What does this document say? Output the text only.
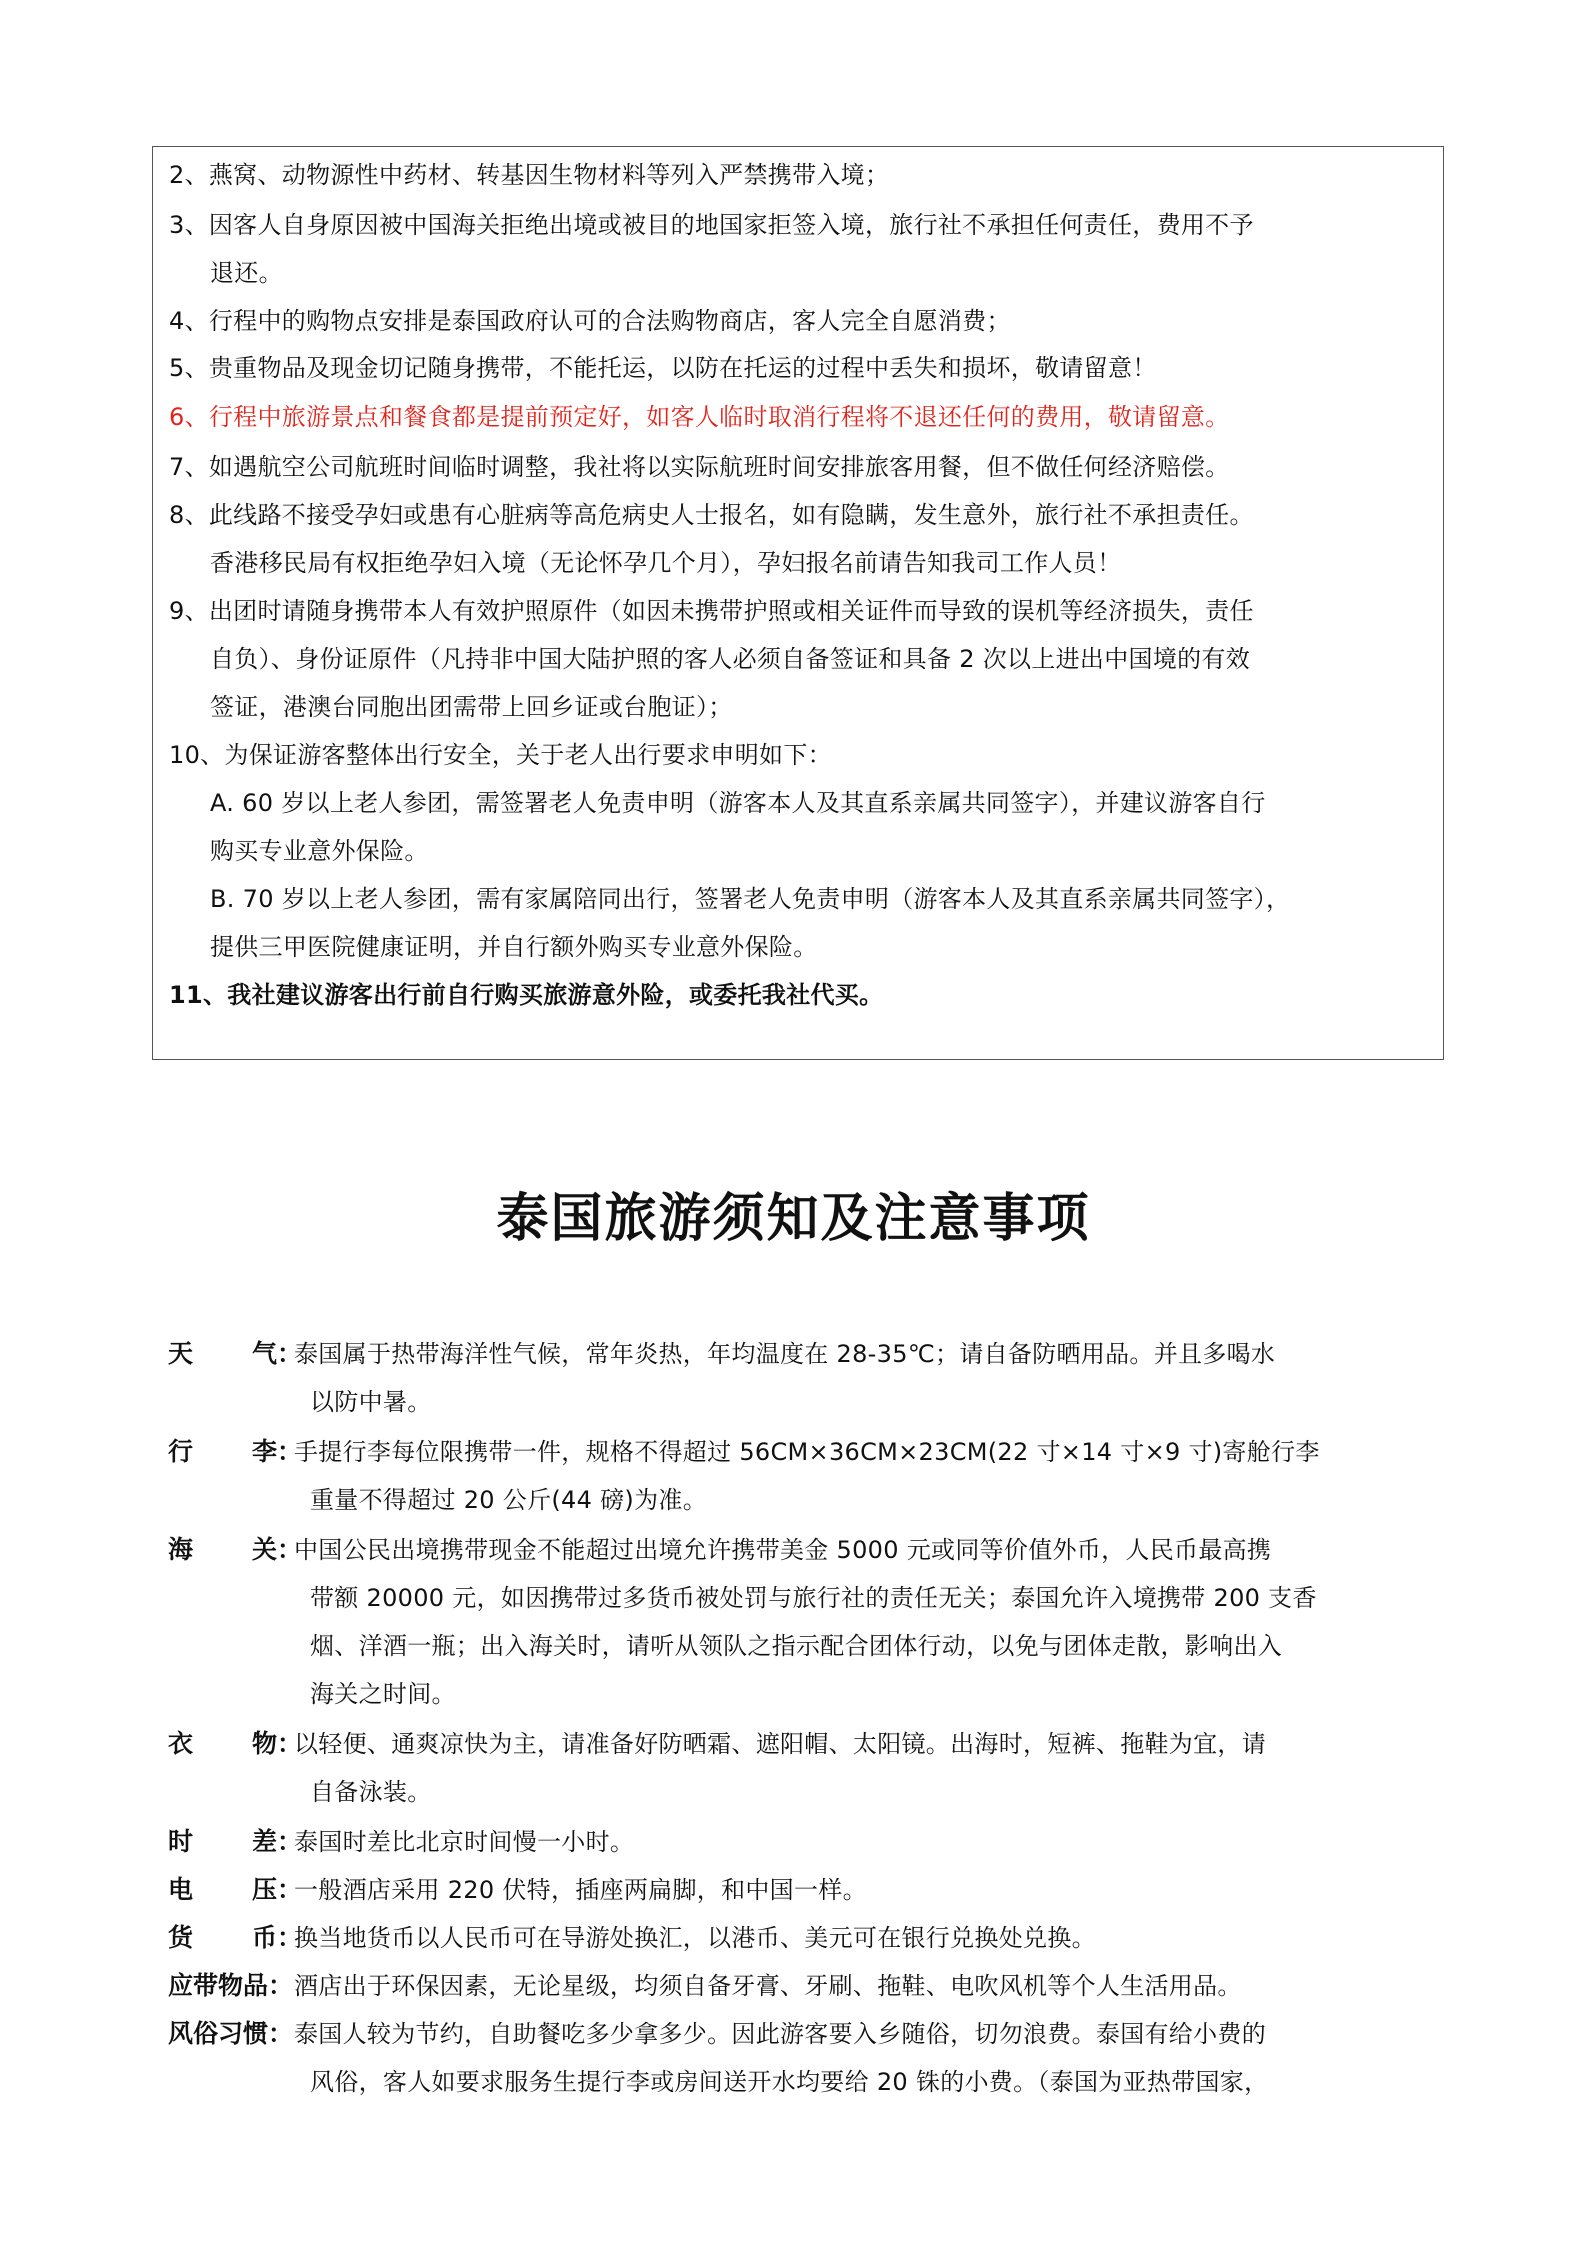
2、燕窝、动物源性中药材、转基因生物材料等列入严禁携带入境；
3、因客人自身原因被中国海关拒绝出境或被目的地国家拒签入境，旅行社不承担任何责任，费用不予
退还。
4、行程中的购物点安排是泰国政府认可的合法购物商店，客人完全自愿消费；
5、贵重物品及现金切记随身携带，不能托运，以防在托运的过程中丢失和损坏，敬请留意！
6、行程中旅游景点和餐食都是提前预定好，如客人临时取消行程将不退还任何的费用，敬请留意。
7、如遇航空公司航班时间临时调整，我社将以实际航班时间安排旅客用餐，但不做任何经济赔偿。
8、此线路不接受孕妇或患有心脏病等高危病史人士报名，如有隐瞒，发生意外，旅行社不承担责任。
香港移民局有权拒绝孕妇入境（无论怀孕几个月），孕妇报名前请告知我司工作人员！
9、出团时请随身携带本人有效护照原件（如因未携带护照或相关证件而导致的误机等经济损失，责任
自负）、身份证原件（凡持非中国大陆护照的客人必须自备签证和具备 2 次以上进出中国境的有效
签证，港澳台同胞出团需带上回乡证或台胞证）；
10、为保证游客整体出行安全，关于老人出行要求申明如下：
A. 60 岁以上老人参团，需签署老人免责申明（游客本人及其直系亲属共同签字），并建议游客自行
购买专业意外保险。
B. 70 岁以上老人参团，需有家属陪同出行，签署老人免责申明（游客本人及其直系亲属共同签字），
提供三甲医院健康证明，并自行额外购买专业意外保险。
11、我社建议游客出行前自行购买旅游意外险，或委托我社代买。
泰国旅游须知及注意事项
天 气：
泰国属于热带海洋性气候，常年炎热，年均温度在 28-35℃；请自备防晒用品。并且多喝水
以防中暑。
行 李：
手提行李每位限携带一件，规格不得超过 56CM×36CM×23CM(22 寸×14 寸×9 寸)寄舱行李
重量不得超过 20 公斤(44 磅)为准。
海 关：
中国公民出境携带现金不能超过出境允许携带美金 5000 元或同等价值外币，人民币最高携
带额 20000 元，如因携带过多货币被处罚与旅行社的责任无关；泰国允许入境携带 200 支香
烟、洋酒一瓶；出入海关时，请听从领队之指示配合团体行动，以免与团体走散，影响出入
海关之时间。
衣 物：
以轻便、通爽凉快为主，请准备好防晒霜、遮阳帽、太阳镜。出海时，短裤、拖鞋为宜，请
自备泳装。
时 差：
泰国时差比北京时间慢一小时。
电 压：
一般酒店采用 220 伏特，插座两扁脚，和中国一样。
货 币：
换当地货币以人民币可在导游处换汇，以港币、美元可在银行兑换处兑换。
应带物品： 酒店出于环保因素，无论星级，均须自备牙膏、牙刷、拖鞋、电吹风机等个人生活用品。
风俗习惯： 泰国人较为节约，自助餐吃多少拿多少。因此游客要入乡随俗，切勿浪费。泰国有给小费的
风俗，客人如要求服务生提行李或房间送开水均要给 20 铢的小费。（泰国为亚热带国家，
